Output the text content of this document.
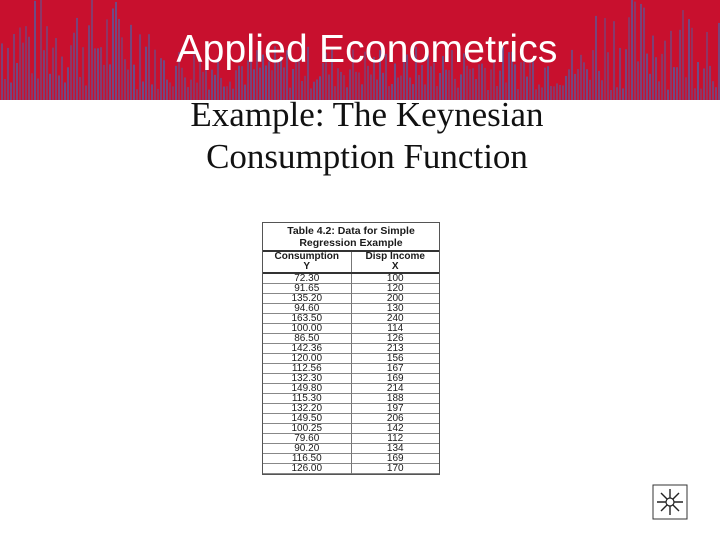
Applied Econometrics
Example: The Keynesian
Consumption Function
Table 4.2: Data for Simple
Regression Example
Consumption	Disp Income
Y	X
72.30	100
91.65	120
135.20	200
94.60	130
163.50	240
100.00	114
86.50	126
142.36	213
120.00	156
112.56	167
132.30	169
149.80	214
115.30	188
132.20	197
149.50	206
100.25	142
79.60	112
90.20	134
116.50	169
126.00	170
